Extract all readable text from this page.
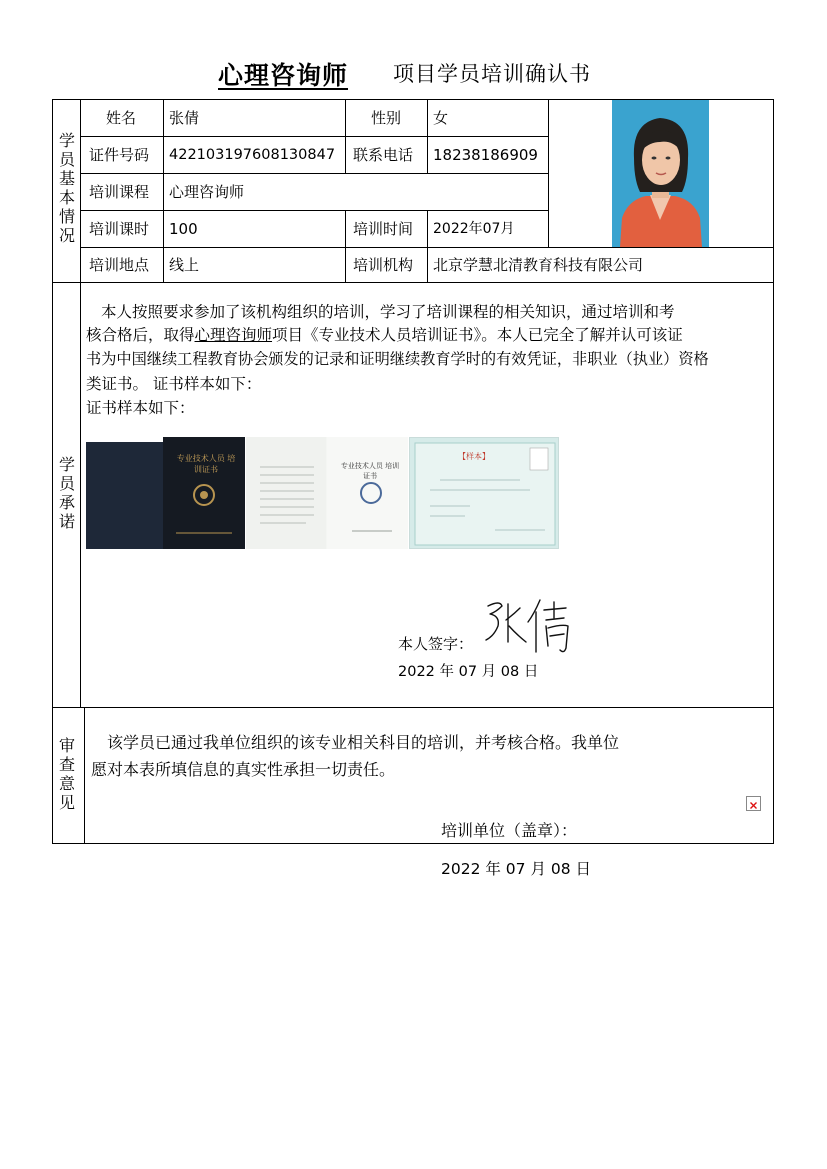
心理咨询师 项目学员培训确认书
学员基本情况
姓名 张倩	性别 女
证件号码 422103197608130847 联系电话 18238186909
培训课程 心理咨询师
培训课时 100	培训时间 2022年07月
培训地点 线上	培训机构 北京学慧北清教育科技有限公司
学员承诺
本人按照要求参加了该机构组织的培训，学习了培训课程的相关知识，通过培训和考
核合格后，取得心理咨询师项目《专业技术人员培训证书》。本人已完全了解并认可该证
书为中国继续工程教育协会颁发的记录和证明继续教育学时的有效凭证，非职业（执业）资格
类证书。 证书样本如下：
证书样本如下：
专业技术人员 培训证书	专业技术人员 培训证书
【样本】
本人签字：
2022 年 07 月 08 日
审查意见
该学员已通过我单位组织的该专业相关科目的培训，并考核合格。我单位
愿对本表所填信息的真实性承担一切责任。
培训单位（盖章）：
2022 年 07 月 08 日
